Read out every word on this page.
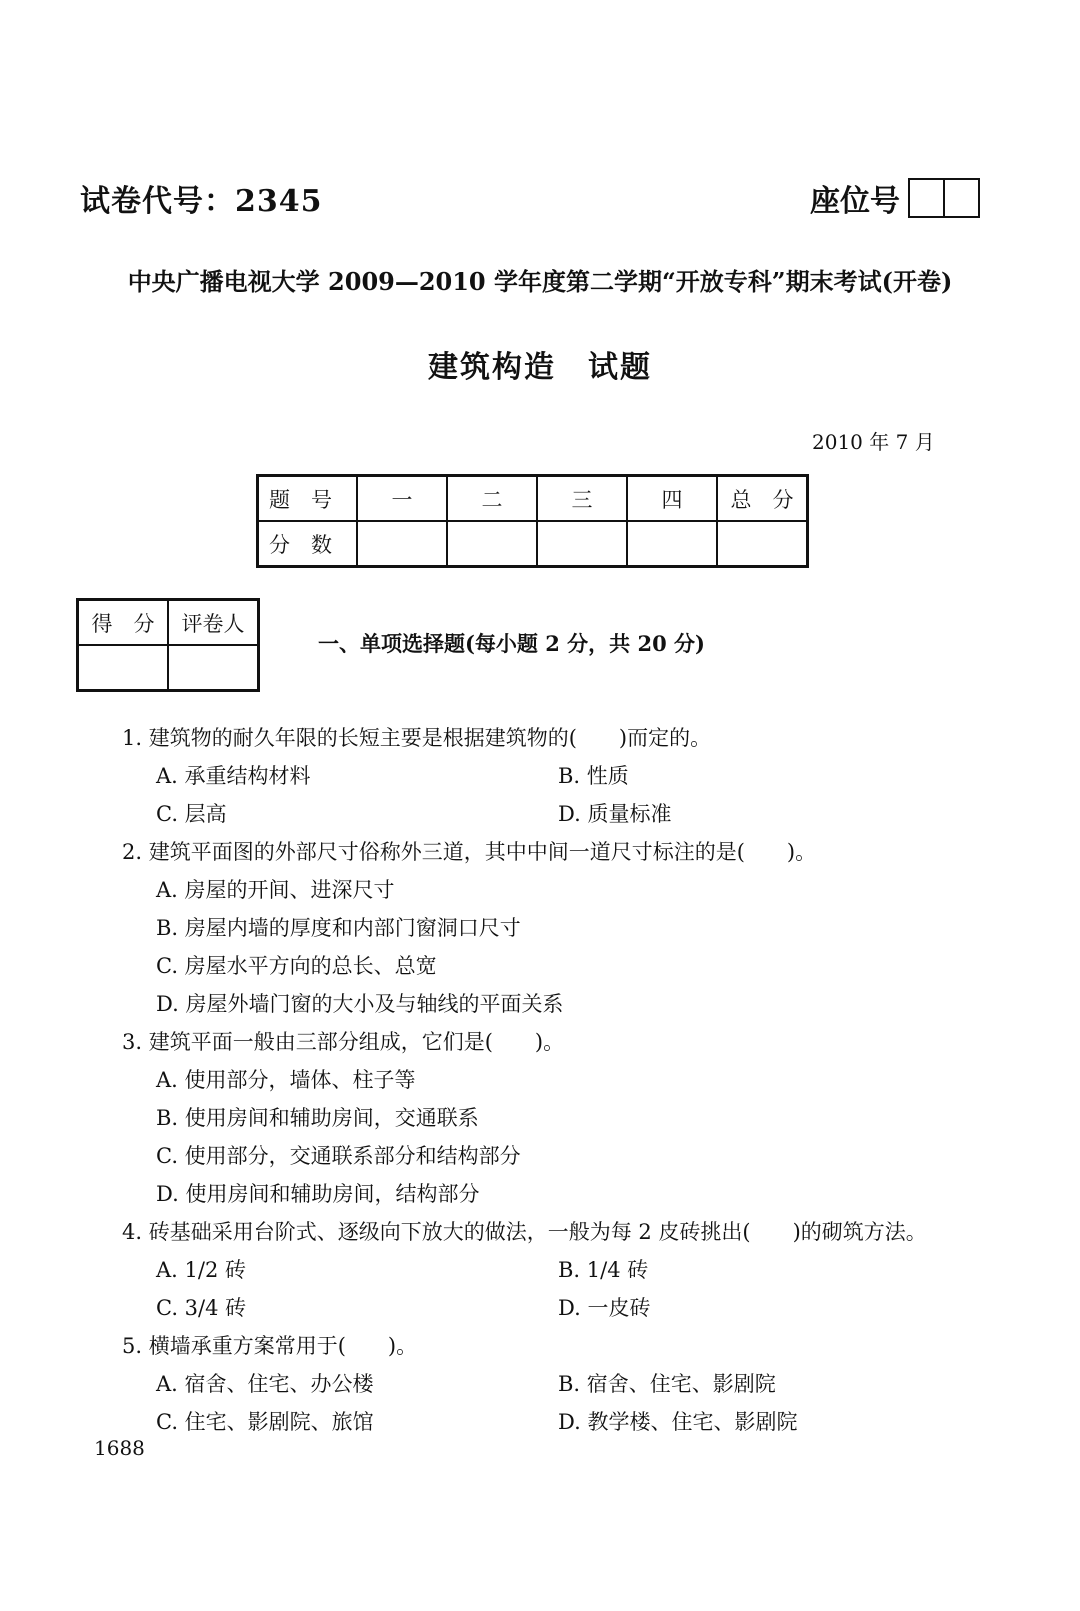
试卷代号：2345	座位号
中央广播电视大学 2009—2010 学年度第二学期“开放专科”期末考试(开卷)
建筑构造　试题
2010 年 7 月
题　号	一	二	三	四	总　分
分　数					
得　分	评卷人

一、单项选择题(每小题 2 分，共 20 分)
1. 建筑物的耐久年限的长短主要是根据建筑物的(　　)而定的。
A. 承重结构材料	B. 性质
C. 层高	D. 质量标准
2. 建筑平面图的外部尺寸俗称外三道，其中中间一道尺寸标注的是(　　)。
A. 房屋的开间、进深尺寸
B. 房屋内墙的厚度和内部门窗洞口尺寸
C. 房屋水平方向的总长、总宽
D. 房屋外墙门窗的大小及与轴线的平面关系
3. 建筑平面一般由三部分组成，它们是(　　)。
A. 使用部分，墙体、柱子等
B. 使用房间和辅助房间，交通联系
C. 使用部分，交通联系部分和结构部分
D. 使用房间和辅助房间，结构部分
4. 砖基础采用台阶式、逐级向下放大的做法，一般为每 2 皮砖挑出(　　)的砌筑方法。
A. 1/2 砖	B. 1/4 砖
C. 3/4 砖	D. 一皮砖
5. 横墙承重方案常用于(　　)。
A. 宿舍、住宅、办公楼	B. 宿舍、住宅、影剧院
C. 住宅、影剧院、旅馆	D. 教学楼、住宅、影剧院
1688
